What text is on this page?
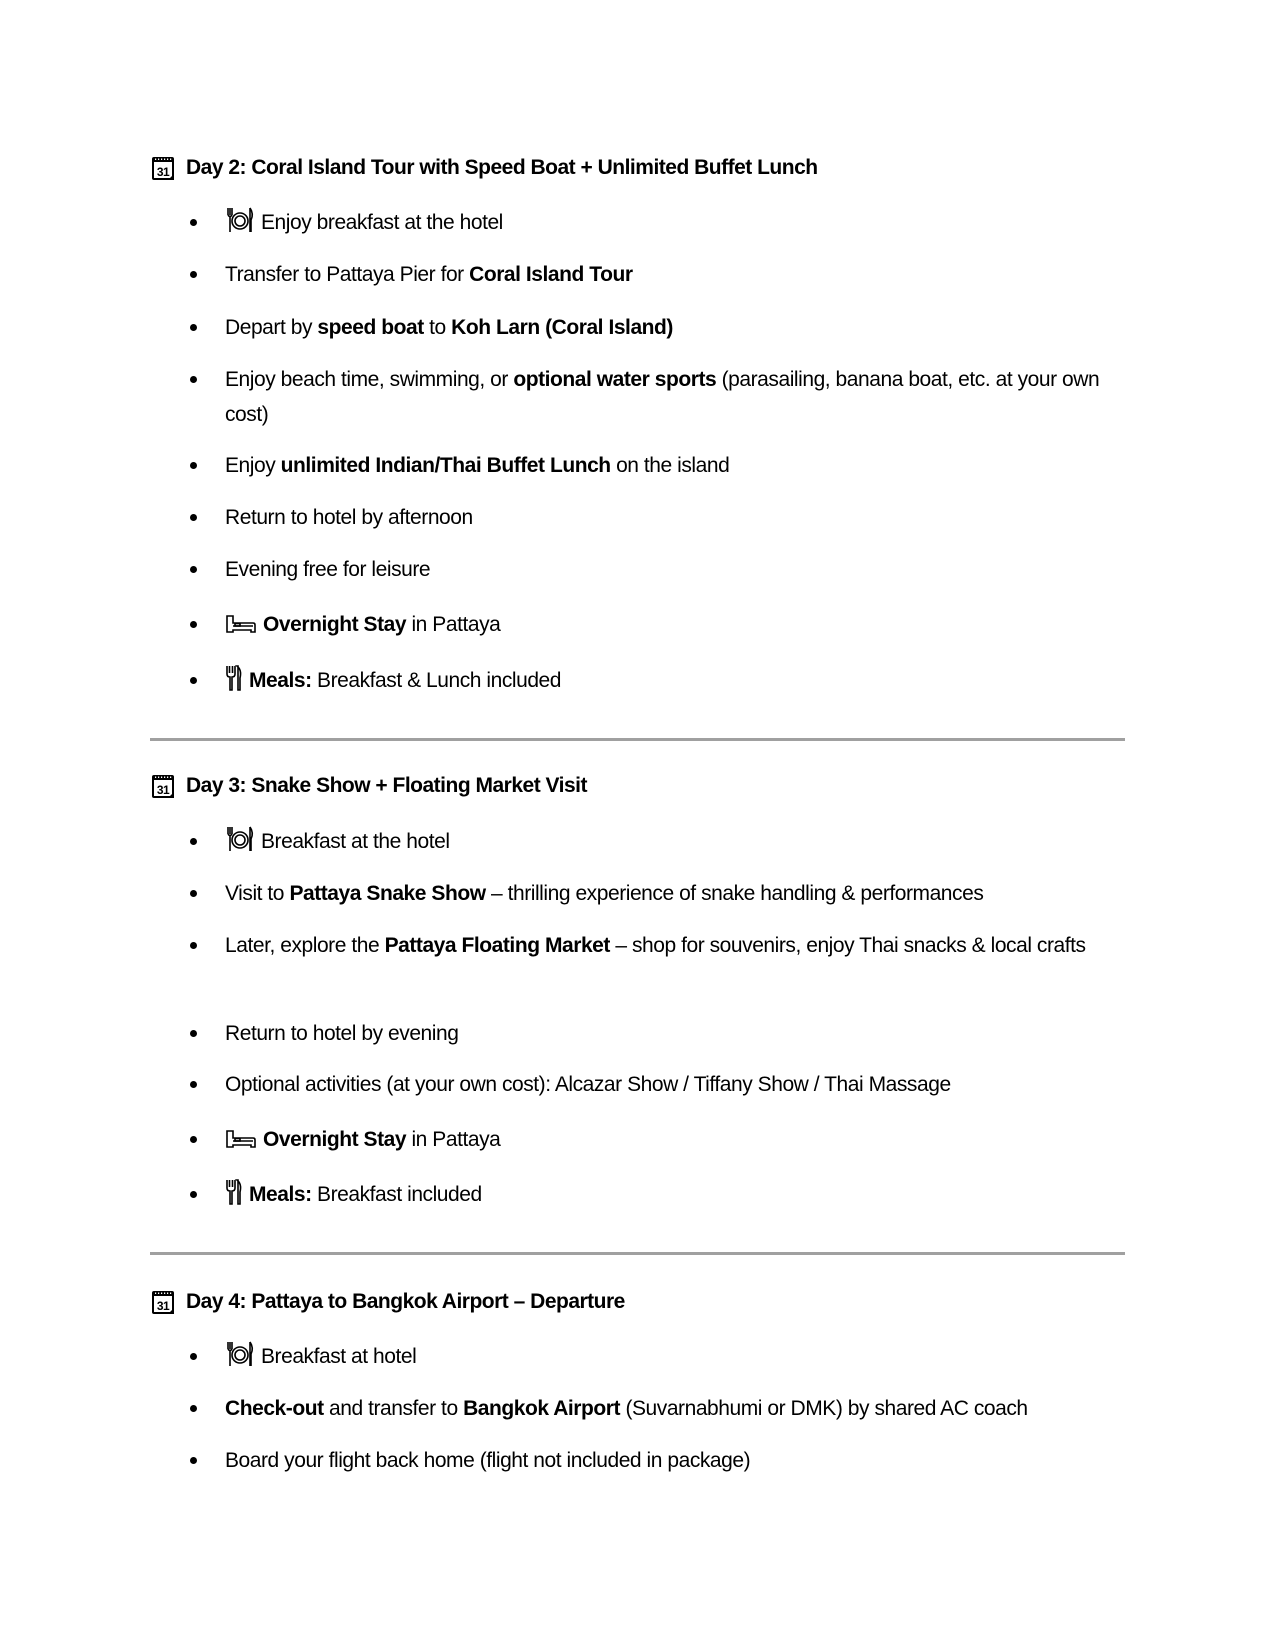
31 Day 2: Coral Island Tour with Speed Boat + Unlimited Buffet Lunch
Enjoy breakfast at the hotel
Transfer to Pattaya Pier for Coral Island Tour
Depart by speed boat to Koh Larn (Coral Island)
Enjoy beach time, swimming, or optional water sports (parasailing, banana boat, etc. at your own cost)
Enjoy unlimited Indian/Thai Buffet Lunch on the island
Return to hotel by afternoon
Evening free for leisure
Overnight Stay in Pattaya
Meals: Breakfast & Lunch included
31 Day 3: Snake Show + Floating Market Visit
Breakfast at the hotel
Visit to Pattaya Snake Show – thrilling experience of snake handling & performances
Later, explore the Pattaya Floating Market – shop for souvenirs, enjoy Thai snacks & local crafts
Return to hotel by evening
Optional activities (at your own cost): Alcazar Show / Tiffany Show / Thai Massage
Overnight Stay in Pattaya
Meals: Breakfast included
31 Day 4: Pattaya to Bangkok Airport – Departure
Breakfast at hotel
Check-out and transfer to Bangkok Airport (Suvarnabhumi or DMK) by shared AC coach
Board your flight back home (flight not included in package)
